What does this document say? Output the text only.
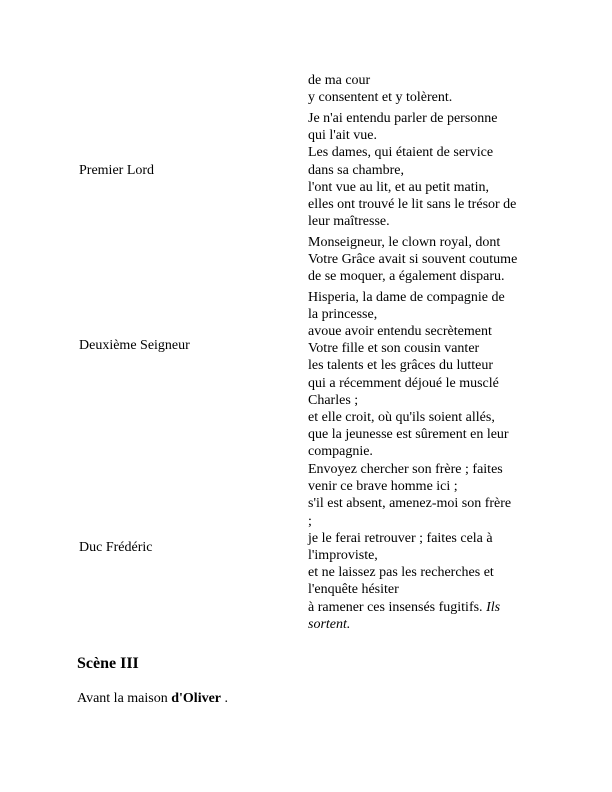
de ma cour
y consentent et y tolèrent.
Premier Lord
Je n'ai entendu parler de personne
qui l'ait vue.
Les dames, qui étaient de service
dans sa chambre,
l'ont vue au lit, et au petit matin,
elles ont trouvé le lit sans le trésor de
leur maîtresse.
Deuxième Seigneur
Monseigneur, le clown royal, dont
Votre Grâce avait si souvent coutume
de se moquer, a également disparu.
Hisperia, la dame de compagnie de
la princesse,
avoue avoir entendu secrètement
Votre fille et son cousin vanter
les talents et les grâces du lutteur
qui a récemment déjoué le musclé
Charles ;
et elle croit, où qu'ils soient allés,
que la jeunesse est sûrement en leur
compagnie.
Duc Frédéric
Envoyez chercher son frère ; faites
venir ce brave homme ici ;
s'il est absent, amenez-moi son frère
;
je le ferai retrouver ; faites cela à
l'improviste,
et ne laissez pas les recherches et
l'enquête hésiter
à ramener ces insensés fugitifs. Ils sortent.
Scène III
Avant la maison d'Oliver .
